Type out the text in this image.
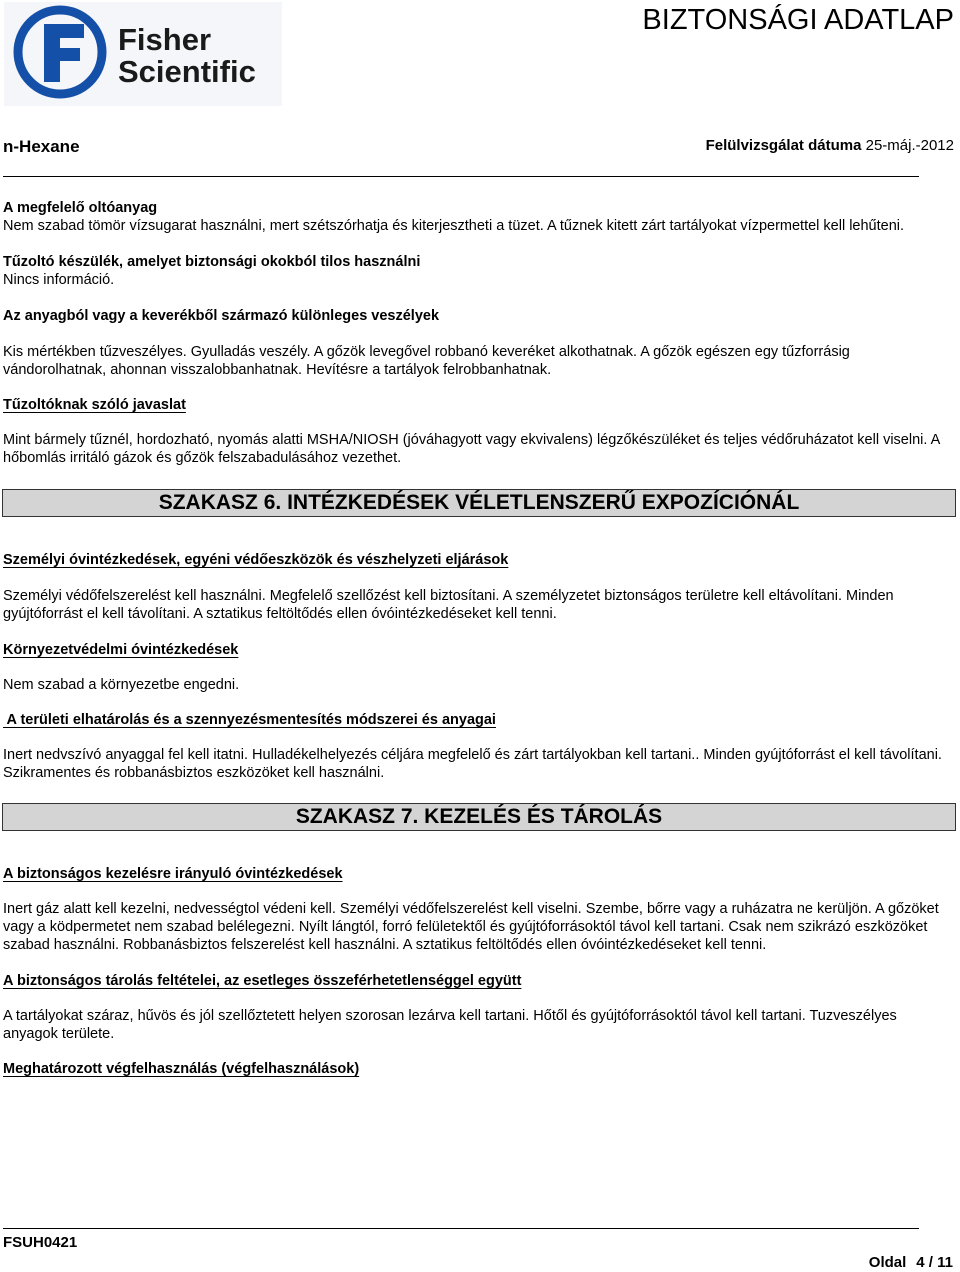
Fisher
Scientific
BIZTONSÁGI ADATLAP
n-Hexane	Felülvizsgálat dátuma 25-máj.-2012

A megfelelő oltóanyag

Nem szabad tömör vízsugarat használni, mert szétszórhatja és kiterjesztheti a tüzet. A tűznek kitett zárt tartályokat vízpermettel kell lehűteni.

Tűzoltó készülék, amelyet biztonsági okokból tilos használni

Nincs információ.

Az anyagból vagy a keverékből származó különleges veszélyek

Kis mértékben tűzveszélyes. Gyulladás veszély. A gőzök levegővel robbanó keveréket alkothatnak. A gőzök egészen egy tűzforrásig vándorolhatnak, ahonnan visszalobbanhatnak. Hevítésre a tartályok felrobbanhatnak.

Tűzoltóknak szóló javaslat

Mint bármely tűznél, hordozható, nyomás alatti MSHA/NIOSH (jóváhagyott vagy ekvivalens) légzőkészüléket és teljes védőruházatot kell viselni. A hőbomlás irritáló gázok és gőzök felszabadulásához vezethet.

SZAKASZ 6. INTÉZKEDÉSEK VÉLETLENSZERŰ EXPOZÍCIÓNÁL

Személyi óvintézkedések, egyéni védőeszközök és vészhelyzeti eljárások

Személyi védőfelszerelést kell használni. Megfelelő szellőzést kell biztosítani. A személyzetet biztonságos területre kell eltávolítani. Minden gyújtóforrást el kell távolítani. A sztatikus feltöltődés ellen óvóintézkedéseket kell tenni.

Környezetvédelmi óvintézkedések

Nem szabad a környezetbe engedni.

A területi elhatárolás és a szennyezésmentesítés módszerei és anyagai

Inert nedvszívó anyaggal fel kell itatni. Hulladékelhelyezés céljára megfelelő és zárt tartályokban kell tartani.. Minden gyújtóforrást el kell távolítani. Szikramentes és robbanásbiztos eszközöket kell használni.

SZAKASZ 7. KEZELÉS ÉS TÁROLÁS

A biztonságos kezelésre irányuló óvintézkedések

Inert gáz alatt kell kezelni, nedvességtol védeni kell. Személyi védőfelszerelést kell viselni. Szembe, bőrre vagy a ruházatra ne kerüljön. A gőzöket vagy a ködpermetet nem szabad belélegezni. Nyílt lángtól, forró felületektől és gyújtóforrásoktól távol kell tartani. Csak nem szikrázó eszközöket szabad használni. Robbanásbiztos felszerelést kell használni. A sztatikus feltöltődés ellen óvóintézkedéseket kell tenni.

A biztonságos tárolás feltételei, az esetleges összeférhetetlenséggel együtt

A tartályokat száraz, hűvös és jól szellőztetett helyen szorosan lezárva kell tartani. Hőtől és gyújtóforrásoktól távol kell tartani. Tuzveszélyes anyagok területe.

Meghatározott végfelhasználás (végfelhasználások)

FSUH0421
Oldal 4 / 11
